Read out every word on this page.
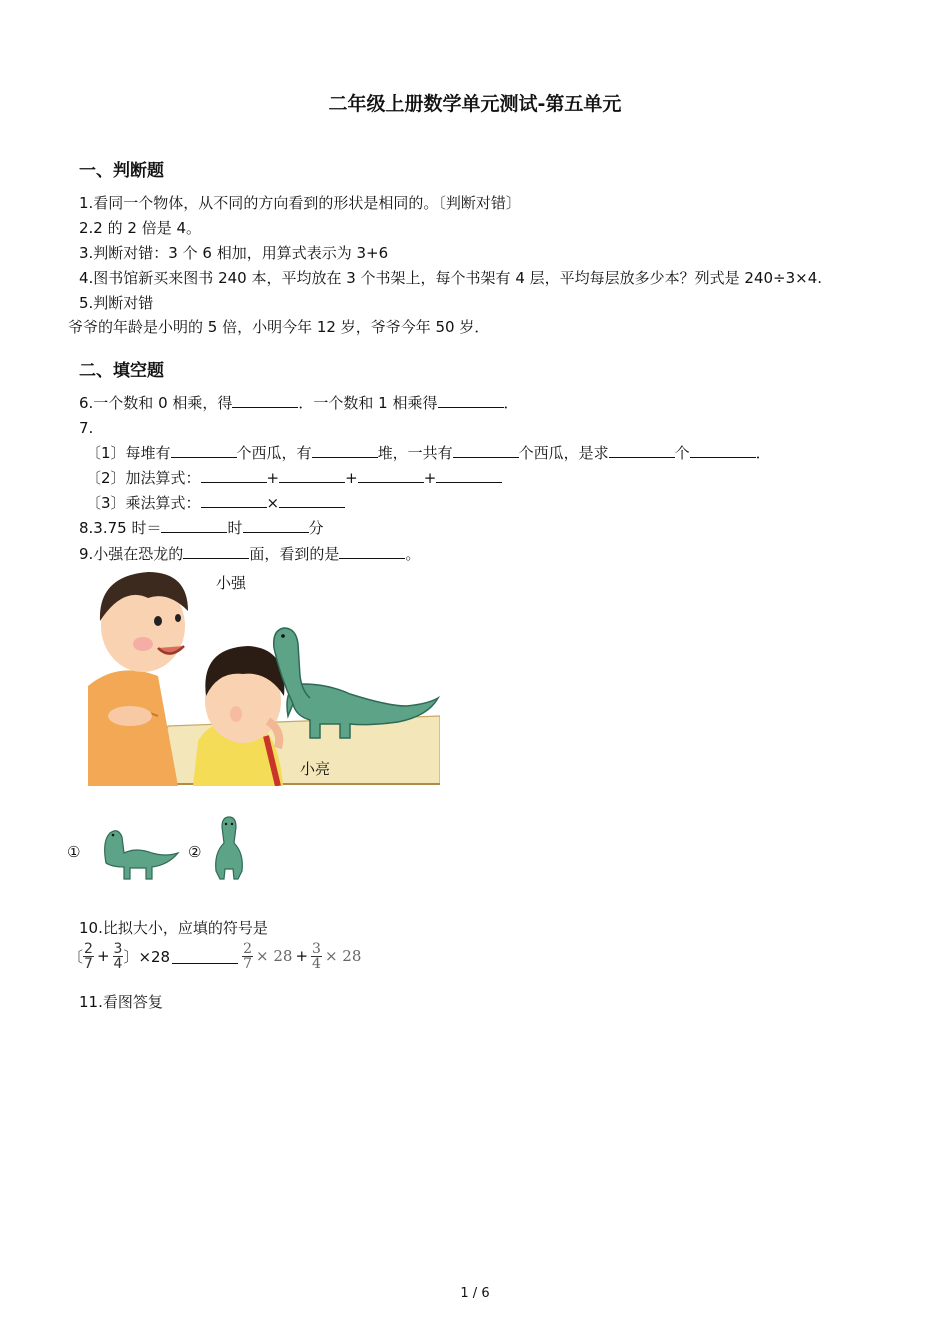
二年级上册数学单元测试-第五单元
一、判断题
1.看同一个物体，从不同的方向看到的形状是相同的。〔判断对错〕
2.2 的 2 倍是 4。
3.判断对错：3 个 6 相加，用算式表示为 3+6
4.图书馆新买来图书 240 本，平均放在 3 个书架上，每个书架有 4 层，平均每层放多少本？列式是 240÷3×4.
5.判断对错
爷爷的年龄是小明的 5 倍，小明今年 12 岁，爷爷今年 50 岁．
二、填空题
6.一个数和 0 相乘，得	．一个数和 1 相乘得	．
7.
〔1〕每堆有	个西瓜，有	堆，一共有	个西瓜，是求	个	．
〔2〕加法算式：	+	+	+
〔3〕乘法算式：	×
8.3.75 时＝	时	分
9.小强在恐龙的	面，看到的是	。
小强
小亮
①	②
10.比拟大小，应填的符号是
〔 $\frac{2}{7} + \frac{3}{4}$ 〕×28	$\frac{2}{7} \times 28 + \frac{3}{4} \times 28$
11.看图答复
1 / 6
